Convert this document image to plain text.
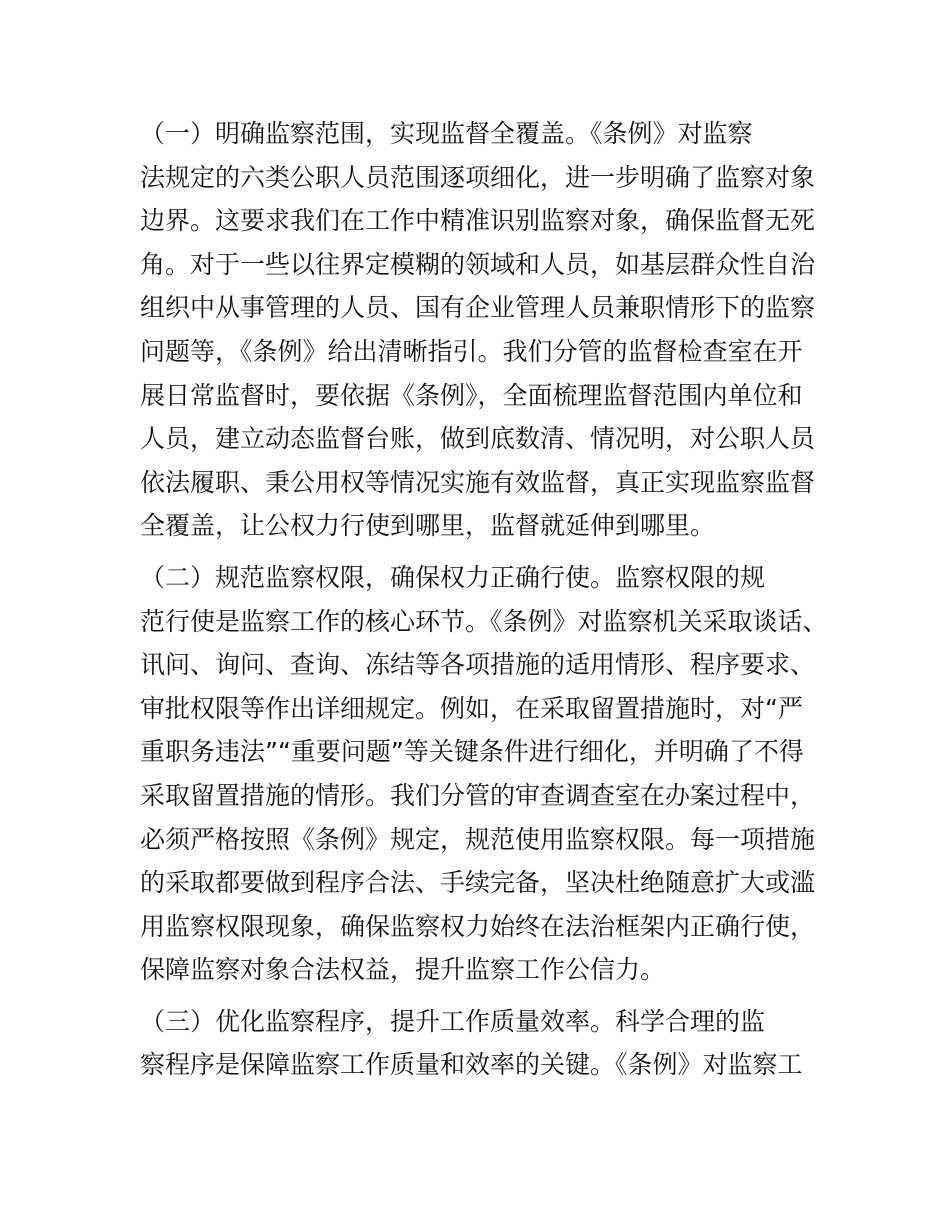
（一）明确监察范围，实现监督全覆盖。《条例》对监察
法规定的六类公职人员范围逐项细化，进一步明确了监察对象
边界。这要求我们在工作中精准识别监察对象，确保监督无死
角。对于一些以往界定模糊的领域和人员，如基层群众性自治
组织中从事管理的人员、国有企业管理人员兼职情形下的监察
问题等，《条例》给出清晰指引。我们分管的监督检查室在开
展日常监督时，要依据《条例》，全面梳理监督范围内单位和
人员，建立动态监督台账，做到底数清、情况明，对公职人员
依法履职、秉公用权等情况实施有效监督，真正实现监察监督
全覆盖，让公权力行使到哪里，监督就延伸到哪里。
（二）规范监察权限，确保权力正确行使。监察权限的规
范行使是监察工作的核心环节。《条例》对监察机关采取谈话、
讯问、询问、查询、冻结等各项措施的适用情形、程序要求、
审批权限等作出详细规定。例如，在采取留置措施时，对“严
重职务违法”“重要问题”等关键条件进行细化，并明确了不得
采取留置措施的情形。我们分管的审查调查室在办案过程中，
必须严格按照《条例》规定，规范使用监察权限。每一项措施
的采取都要做到程序合法、手续完备，坚决杜绝随意扩大或滥
用监察权限现象，确保监察权力始终在法治框架内正确行使，
保障监察对象合法权益，提升监察工作公信力。
（三）优化监察程序，提升工作质量效率。科学合理的监
察程序是保障监察工作质量和效率的关键。《条例》对监察工
